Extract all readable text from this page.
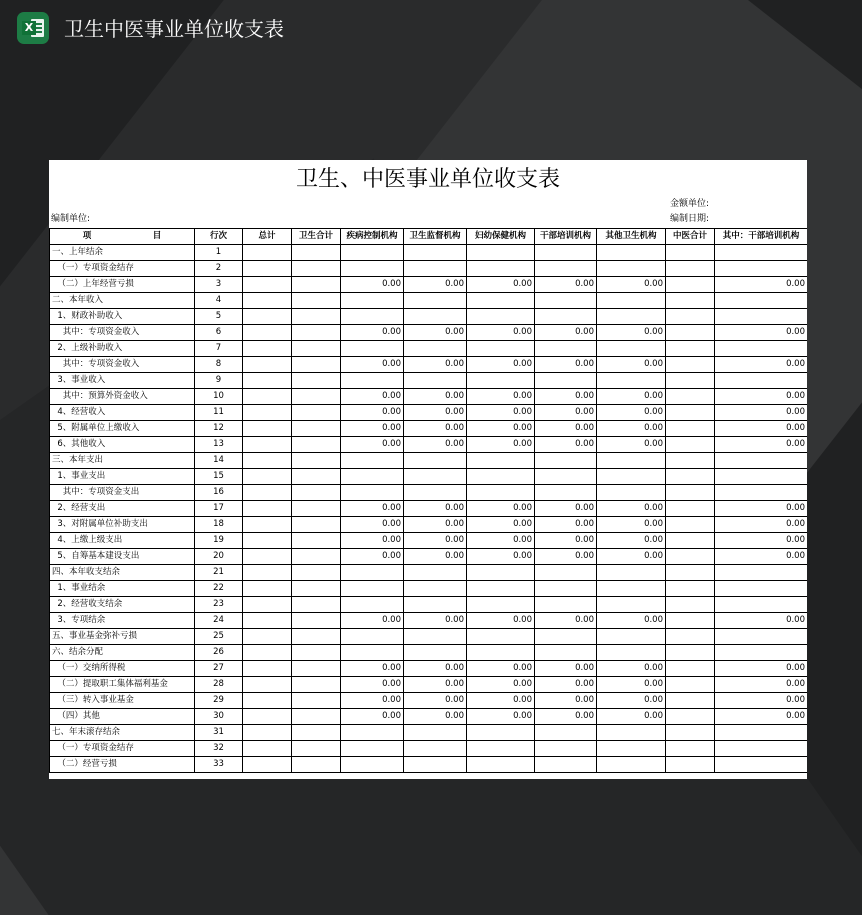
X 卫生中医事业单位收支表
卫生、中医事业单位收支表
金额单位:
编制日期:
编制单位:
项 目	行次	总计	卫生合计	疾病控制机构	卫生监督机构	妇幼保健机构	干部培训机构	其他卫生机构	中医合计	其中：干部培训机构
一、上年结余	1									
（一）专项资金结存	2									
（二）上年经营亏损	3			0.00	0.00	0.00	0.00	0.00		0.00
二、本年收入	4									
1、财政补助收入	5									
其中：专项资金收入	6			0.00	0.00	0.00	0.00	0.00		0.00
2、上级补助收入	7									
其中：专项资金收入	8			0.00	0.00	0.00	0.00	0.00		0.00
3、事业收入	9									
其中：预算外资金收入	10			0.00	0.00	0.00	0.00	0.00		0.00
4、经营收入	11			0.00	0.00	0.00	0.00	0.00		0.00
5、附属单位上缴收入	12			0.00	0.00	0.00	0.00	0.00		0.00
6、其他收入	13			0.00	0.00	0.00	0.00	0.00		0.00
三、本年支出	14									
1、事业支出	15									
其中：专项资金支出	16									
2、经营支出	17			0.00	0.00	0.00	0.00	0.00		0.00
3、对附属单位补助支出	18			0.00	0.00	0.00	0.00	0.00		0.00
4、上缴上级支出	19			0.00	0.00	0.00	0.00	0.00		0.00
5、自筹基本建设支出	20			0.00	0.00	0.00	0.00	0.00		0.00
四、本年收支结余	21									
1、事业结余	22									
2、经营收支结余	23									
3、专项结余	24			0.00	0.00	0.00	0.00	0.00		0.00
五、事业基金弥补亏损	25									
六、结余分配	26									
（一）交纳所得税	27			0.00	0.00	0.00	0.00	0.00		0.00
（二）提取职工集体福利基金	28			0.00	0.00	0.00	0.00	0.00		0.00
（三）转入事业基金	29			0.00	0.00	0.00	0.00	0.00		0.00
（四）其他	30			0.00	0.00	0.00	0.00	0.00		0.00
七、年末滚存结余	31									
（一）专项资金结存	32									
（二）经营亏损	33									
